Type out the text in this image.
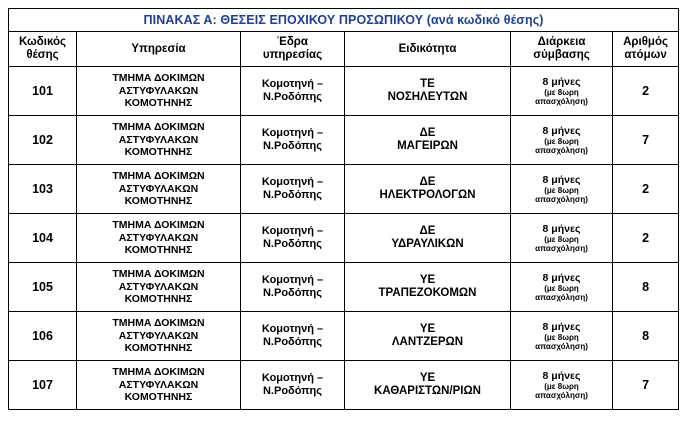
ΠΙΝΑΚΑΣ Α: ΘΕΣΕΙΣ ΕΠΟΧΙΚΟΥ ΠΡΟΣΩΠΙΚΟΥ (ανά κωδικό θέσης)					

Κωδικός
θέσης	Υπηρεσία	Έδρα
υπηρεσίας	Ειδικότητα	Διάρκεια
σύμβασης	Αριθμός
ατόμων

101	ΤΜΗΜΑ ΔΟΚΙΜΩΝ
ΑΣΤΥΦΥΛΑΚΩΝ
ΚΟΜΟΤΗΝΗΣ	Κομοτηνή –
Ν.Ροδόπης	ΤΕ
ΝΟΣΗΛΕΥΤΩΝ	8 μήνες
(με 8ωρη
απασχόληση)	2
102	ΤΜΗΜΑ ΔΟΚΙΜΩΝ
ΑΣΤΥΦΥΛΑΚΩΝ
ΚΟΜΟΤΗΝΗΣ	Κομοτηνή –
Ν.Ροδόπης	ΔΕ
ΜΑΓΕΙΡΩΝ	8 μήνες
(με 8ωρη
απασχόληση)	7
103	ΤΜΗΜΑ ΔΟΚΙΜΩΝ
ΑΣΤΥΦΥΛΑΚΩΝ
ΚΟΜΟΤΗΝΗΣ	Κομοτηνή –
Ν.Ροδόπης	ΔΕ
ΗΛΕΚΤΡΟΛΟΓΩΝ	8 μήνες
(με 8ωρη
απασχόληση)	2
104	ΤΜΗΜΑ ΔΟΚΙΜΩΝ
ΑΣΤΥΦΥΛΑΚΩΝ
ΚΟΜΟΤΗΝΗΣ	Κομοτηνή –
Ν.Ροδόπης	ΔΕ
ΥΔΡΑΥΛΙΚΩΝ	8 μήνες
(με 8ωρη
απασχόληση)	2
105	ΤΜΗΜΑ ΔΟΚΙΜΩΝ
ΑΣΤΥΦΥΛΑΚΩΝ
ΚΟΜΟΤΗΝΗΣ	Κομοτηνή –
Ν.Ροδόπης	ΥΕ
ΤΡΑΠΕΖΟΚΟΜΩΝ	8 μήνες
(με 8ωρη
απασχόληση)	8
106	ΤΜΗΜΑ ΔΟΚΙΜΩΝ
ΑΣΤΥΦΥΛΑΚΩΝ
ΚΟΜΟΤΗΝΗΣ	Κομοτηνή –
Ν.Ροδόπης	ΥΕ
ΛΑΝΤΖΕΡΩΝ	8 μήνες
(με 8ωρη
απασχόληση)	8
107	ΤΜΗΜΑ ΔΟΚΙΜΩΝ
ΑΣΤΥΦΥΛΑΚΩΝ
ΚΟΜΟΤΗΝΗΣ	Κομοτηνή –
Ν.Ροδόπης	ΥΕ
ΚΑΘΑΡΙΣΤΩΝ/ΡΙΩΝ	8 μήνες
(με 8ωρη
απασχόληση)	7
